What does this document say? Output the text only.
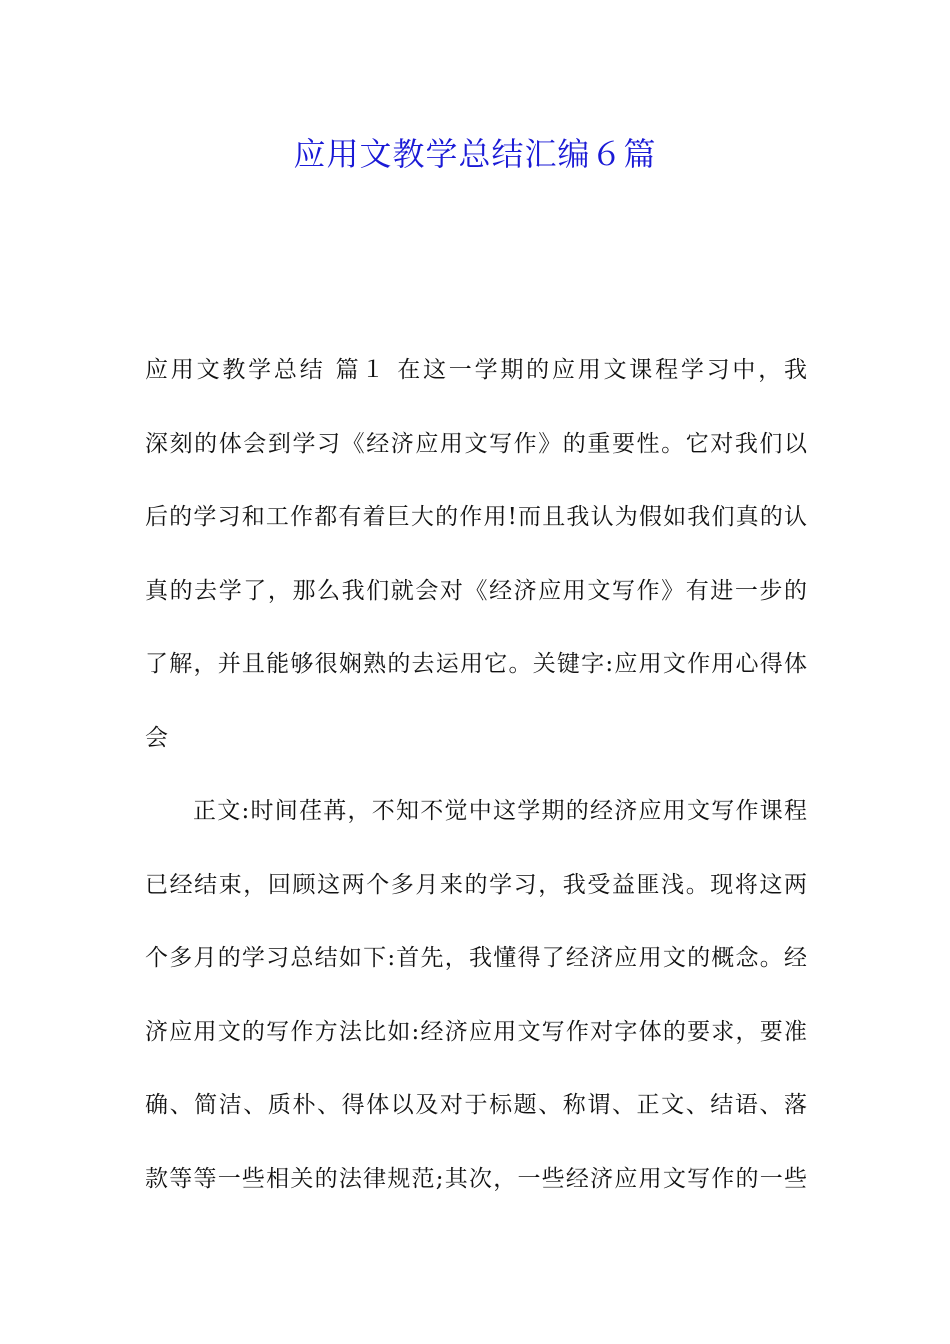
应用文教学总结汇编６篇
应用文教学总结 篇１ 在这一学期的应用文课程学习中，我
深刻的体会到学习《经济应用文写作》的重要性。它对我们以
后的学习和工作都有着巨大的作用!而且我认为假如我们真的认
真的去学了，那么我们就会对《经济应用文写作》有进一步的
了解，并且能够很娴熟的去运用它。关键字:应用文作用心得体
会
正文:时间荏苒，不知不觉中这学期的经济应用文写作课程
已经结束，回顾这两个多月来的学习，我受益匪浅。现将这两
个多月的学习总结如下:首先，我懂得了经济应用文的概念。经
济应用文的写作方法比如:经济应用文写作对字体的要求，要准
确、简洁、质朴、得体以及对于标题、称谓、正文、结语、落
款等等一些相关的法律规范;其次，一些经济应用文写作的一些
